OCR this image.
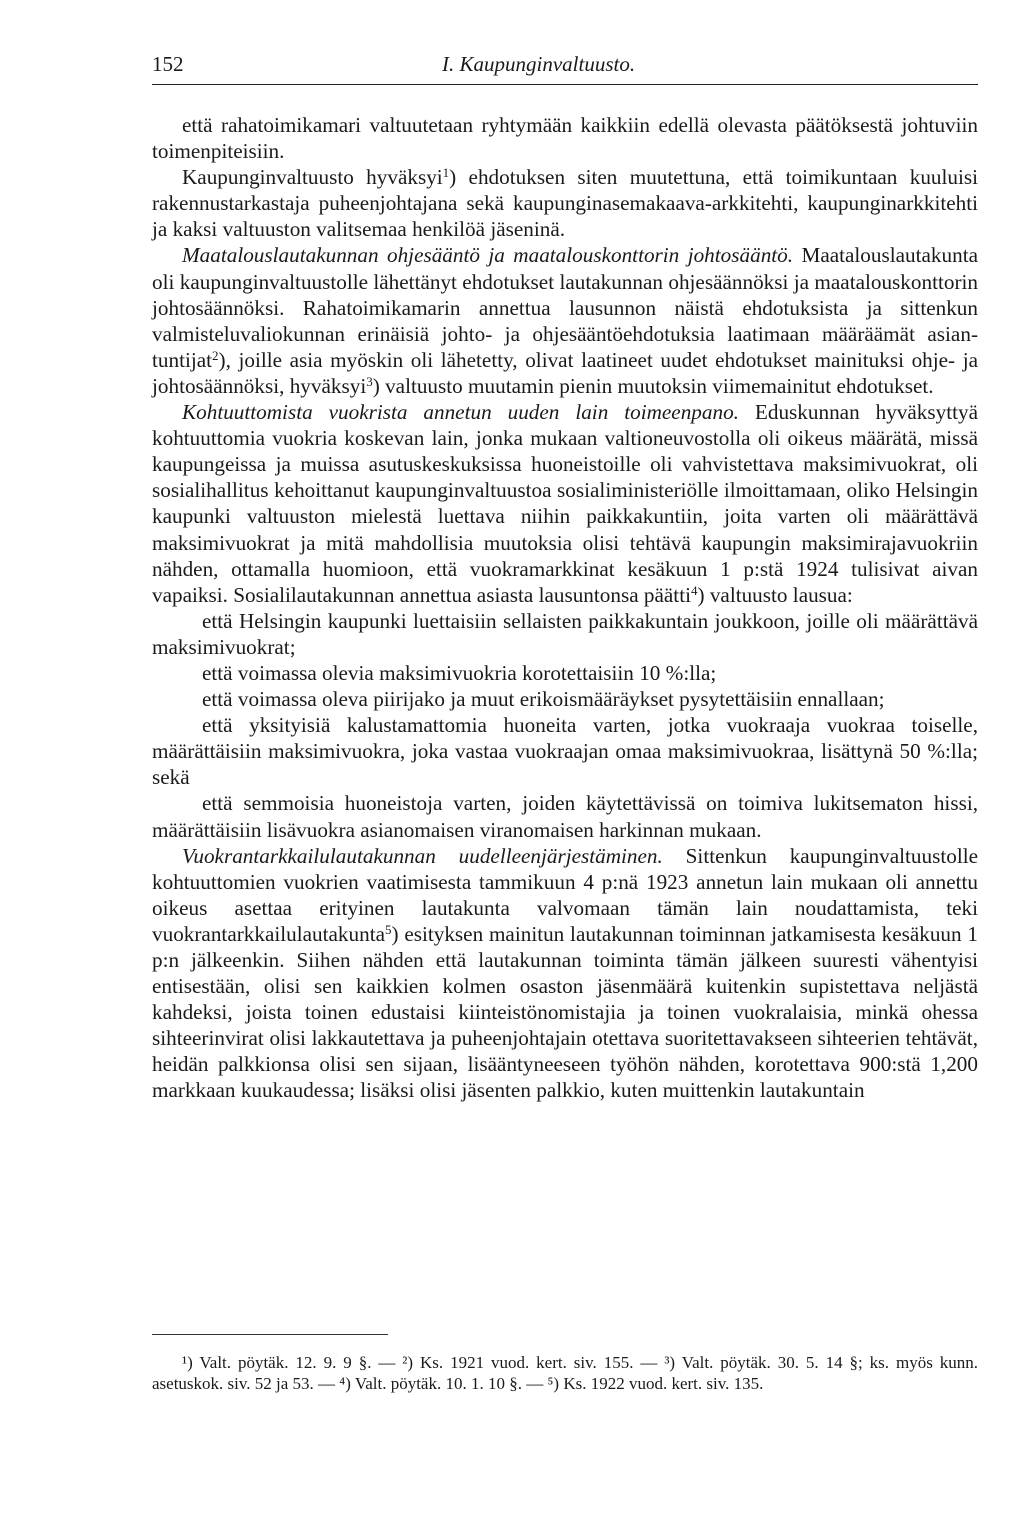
152	I. Kaupunginvaltuusto.

että rahatoimikamari valtuutetaan ryhtymään kaikkiin edellä olevasta päätöksestä johtuviin toimenpiteisiin.

Kaupunginvaltuusto hyväksyi$^1$) ehdotuksen siten muutettuna, että toimikuntaan kuuluisi rakennustarkastaja puheenjohtajana sekä kaupunginasemakaava-arkkitehti, kaupunginarkkitehti ja kaksi valtuuston valitsemaa henkilöä jäseninä.

Maatalouslautakunnan ohjesääntö ja maatalouskonttorin johtosääntö. Maatalouslautakunta oli kaupunginvaltuustolle lähettänyt ehdotukset lautakunnan ohjesäännöksi ja maatalouskonttorin johtosäännöksi. Rahatoimikamarin annettua lausunnon näistä ehdotuksista ja sittenkun valmisteluvaliokunnan erinäisiä johto- ja ohjesääntöehdotuksia laatimaan määräämät asiantuntijat$^2$), joille asia myöskin oli lähetetty, olivat laatineet uudet ehdotukset mainituksi ohje- ja johtosäännöksi, hyväksyi$^3$) valtuusto muutamin pienin muutoksin viimemainitut ehdotukset.

Kohtuuttomista vuokrista annetun uuden lain toimeenpano. Eduskunnan hyväksyttyä kohtuuttomia vuokria koskevan lain, jonka mukaan valtioneuvostolla oli oikeus määrätä, missä kaupungeissa ja muissa asutuskeskuksissa huoneistoille oli vahvistettava maksimivuokrat, oli sosialihallitus kehoittanut kaupunginvaltuustoa sosialiministeriölle ilmoittamaan, oliko Helsingin kaupunki valtuuston mielestä luettava niihin paikkakuntiin, joita varten oli määrättävä maksimivuokrat ja mitä mahdollisia muutoksia olisi tehtävä kaupungin maksimirajavuokriin nähden, ottamalla huomioon, että vuokramarkkinat kesäkuun 1 p:stä 1924 tulisivat aivan vapaiksi. Sosialilautakunnan annettua asiasta lausuntonsa päätti$^4$) valtuusto lausua:

että Helsingin kaupunki luettaisiin sellaisten paikkakuntain joukkoon, joille oli määrättävä maksimivuokrat;

että voimassa olevia maksimivuokria korotettaisiin 10 %:lla;

että voimassa oleva piirijako ja muut erikoismääräykset pysytettäisiin ennallaan;

että yksityisiä kalustamattomia huoneita varten, jotka vuokraaja vuokraa toiselle, määrättäisiin maksimivuokra, joka vastaa vuokraajan omaa maksimivuokraa, lisättynä 50 %:lla; sekä

että semmoisia huoneistoja varten, joiden käytettävissä on toimiva lukitsematon hissi, määrättäisiin lisävuokra asianomaisen viranomaisen harkinnan mukaan.

Vuokrantarkkailulautakunnan uudelleenjärjestäminen. Sittenkun kaupunginvaltuustolle kohtuuttomien vuokrien vaatimisesta tammikuun 4 p:nä 1923 annetun lain mukaan oli annettu oikeus asettaa erityinen lautakunta valvomaan tämän lain noudattamista, teki vuokrantarkkailulautakunta$^5$) esityksen mainitun lautakunnan toiminnan jatkamisesta kesäkuun 1 p:n jälkeenkin. Siihen nähden että lautakunnan toiminta tämän jälkeen suuresti vähentyisi entisestään, olisi sen kaikkien kolmen osaston jäsenmäärä kuitenkin supistettava neljästä kahdeksi, joista toinen edustaisi kiinteistönomistajia ja toinen vuokralaisia, minkä ohessa sihteerinvirat olisi lakkautettava ja puheenjohtajain otettava suoritettavakseen sihteerien tehtävät, heidän palkkionsa olisi sen sijaan, lisääntyneeseen työhön nähden, korotettava 900:stä 1,200 markkaan kuukaudessa; lisäksi olisi jäsenten palkkio, kuten muittenkin lautakuntain

¹) Valt. pöytäk. 12. 9. 9 §. — ²) Ks. 1921 vuod. kert. siv. 155. — ³) Valt. pöytäk. 30. 5. 14 §; ks. myös kunn. asetuskok. siv. 52 ja 53. — ⁴) Valt. pöytäk. 10. 1. 10 §. — ⁵) Ks. 1922 vuod. kert. siv. 135.
